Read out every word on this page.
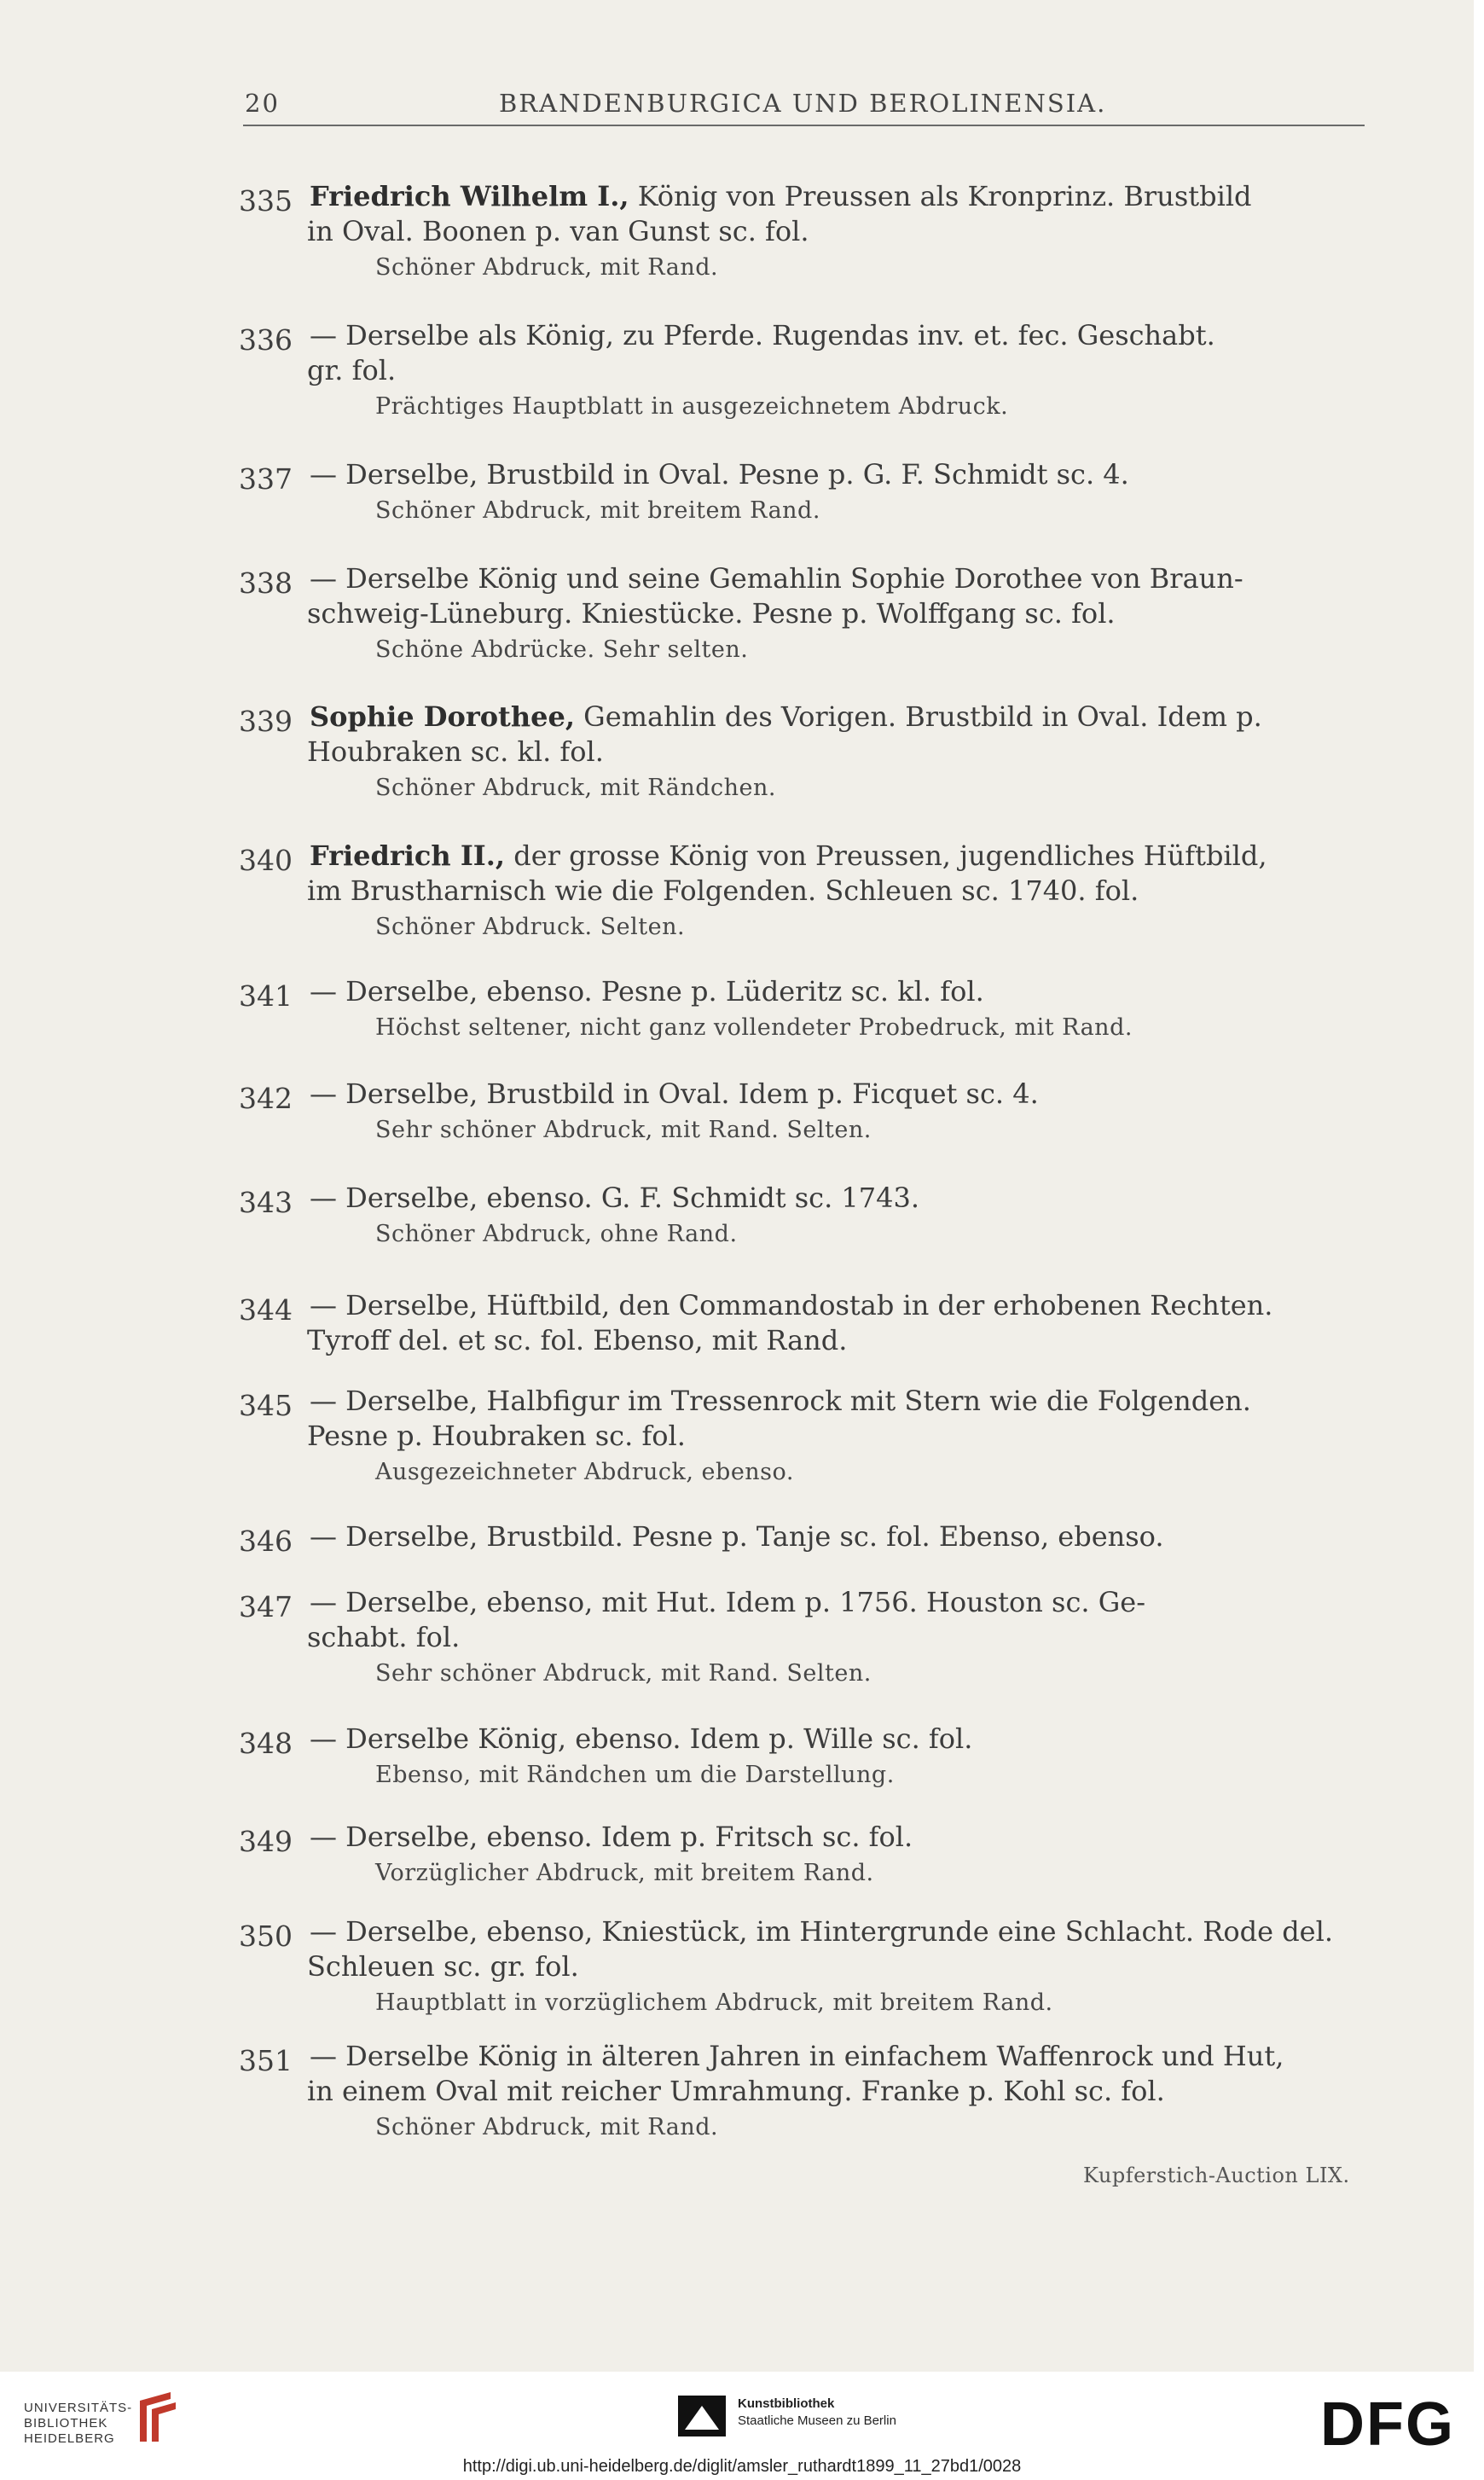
20	BRANDENBURGICA UND BEROLINENSIA.
335 Friedrich Wilhelm I., König von Preussen als Kronprinz. Brustbild
in Oval. Boonen p. van Gunst sc. fol.
Schöner Abdruck, mit Rand.
336 — Derselbe als König, zu Pferde. Rugendas inv. et. fec. Geschabt.
gr. fol.
Prächtiges Hauptblatt in ausgezeichnetem Abdruck.
337 — Derselbe, Brustbild in Oval. Pesne p. G. F. Schmidt sc. 4.
Schöner Abdruck, mit breitem Rand.
338 — Derselbe König und seine Gemahlin Sophie Dorothee von Braun-
schweig-Lüneburg. Kniestücke. Pesne p. Wolffgang sc. fol.
Schöne Abdrücke. Sehr selten.
339 Sophie Dorothee, Gemahlin des Vorigen. Brustbild in Oval. Idem p.
Houbraken sc. kl. fol.
Schöner Abdruck, mit Rändchen.
340 Friedrich II., der grosse König von Preussen, jugendliches Hüftbild,
im Brustharnisch wie die Folgenden. Schleuen sc. 1740. fol.
Schöner Abdruck. Selten.
341 — Derselbe, ebenso. Pesne p. Lüderitz sc. kl. fol.
Höchst seltener, nicht ganz vollendeter Probedruck, mit Rand.
342 — Derselbe, Brustbild in Oval. Idem p. Ficquet sc. 4.
Sehr schöner Abdruck, mit Rand. Selten.
343 — Derselbe, ebenso. G. F. Schmidt sc. 1743.
Schöner Abdruck, ohne Rand.
344 — Derselbe, Hüftbild, den Commandostab in der erhobenen Rechten.
Tyroff del. et sc. fol. Ebenso, mit Rand.
345 — Derselbe, Halbfigur im Tressenrock mit Stern wie die Folgenden.
Pesne p. Houbraken sc. fol.
Ausgezeichneter Abdruck, ebenso.
346 — Derselbe, Brustbild. Pesne p. Tanje sc. fol. Ebenso, ebenso.
347 — Derselbe, ebenso, mit Hut. Idem p. 1756. Houston sc. Ge-
schabt. fol.
Sehr schöner Abdruck, mit Rand. Selten.
348 — Derselbe König, ebenso. Idem p. Wille sc. fol.
Ebenso, mit Rändchen um die Darstellung.
349 — Derselbe, ebenso. Idem p. Fritsch sc. fol.
Vorzüglicher Abdruck, mit breitem Rand.
350 — Derselbe, ebenso, Kniestück, im Hintergrunde eine Schlacht. Rode del.
Schleuen sc. gr. fol.
Hauptblatt in vorzüglichem Abdruck, mit breitem Rand.
351 — Derselbe König in älteren Jahren in einfachem Waffenrock und Hut,
in einem Oval mit reicher Umrahmung. Franke p. Kohl sc. fol.
Schöner Abdruck, mit Rand.
Kupferstich-Auction LIX.
UNIVERSITÄTS-
BIBLIOTHEK
HEIDELBERG
Kunstbibliothek
Staatliche Museen zu Berlin	DFG
http://digi.ub.uni-heidelberg.de/diglit/amsler_ruthardt1899_11_27bd1/0028
